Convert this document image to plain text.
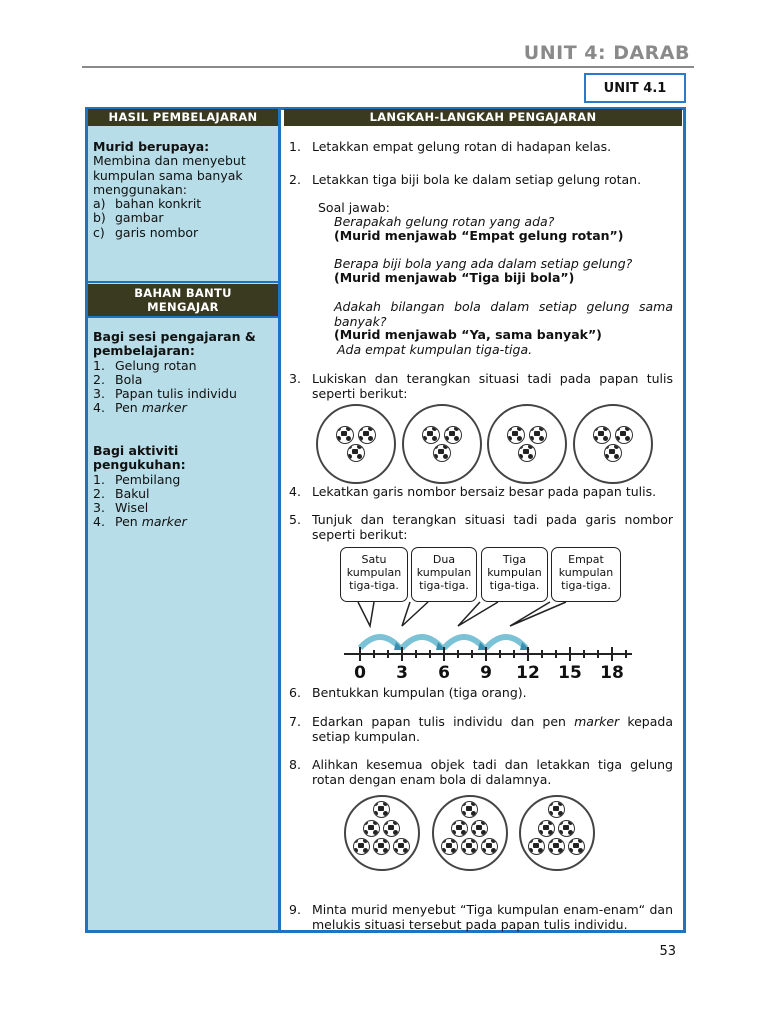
UNIT 4: DARAB
UNIT 4.1
HASIL PEMBELAJARAN	LANGKAH-LANGKAH PENGAJARAN
BAHAN BANTU
MENGAJAR
Murid berupaya:
Membina dan menyebut
kumpulan sama banyak
menggunakan:
a) bahan konkrit
b) gambar
c) garis nombor
Bagi sesi pengajaran &
pembelajaran:
1. Gelung rotan
2. Bola
3. Papan tulis individu
4. Pen marker
Bagi aktiviti
pengukuhan:
1. Pembilang
2. Bakul
3. Wisel
4. Pen marker
1. Letakkan empat gelung rotan di hadapan kelas.
2. Letakkan tiga biji bola ke dalam setiap gelung rotan.
Soal jawab:
Berapakah gelung rotan yang ada?
(Murid menjawab “Empat gelung rotan”)
Berapa biji bola yang ada dalam setiap gelung?
(Murid menjawab “Tiga biji bola”)
Adakah bilangan bola dalam setiap gelung sama banyak?
(Murid menjawab “Ya, sama banyak”)
Ada empat kumpulan tiga-tiga.
3. Lukiskan dan terangkan situasi tadi pada papan tulis seperti berikut:
4. Lekatkan garis nombor bersaiz besar pada papan tulis.
5. Tunjuk dan terangkan situasi tadi pada garis nombor seperti berikut:
Satu
kumpulan
tiga-tiga.
Dua
kumpulan
tiga-tiga.
Tiga
kumpulan
tiga-tiga.
Empat
kumpulan
tiga-tiga.
0 3 6 9 12 15 18
6. Bentukkan kumpulan (tiga orang).
7. Edarkan papan tulis individu dan pen marker kepada setiap kumpulan.
8. Alihkan kesemua objek tadi dan letakkan tiga gelung rotan dengan enam bola di dalamnya.
9. Minta murid menyebut “Tiga kumpulan enam-enam“ dan melukis situasi tersebut pada papan tulis individu.
53
